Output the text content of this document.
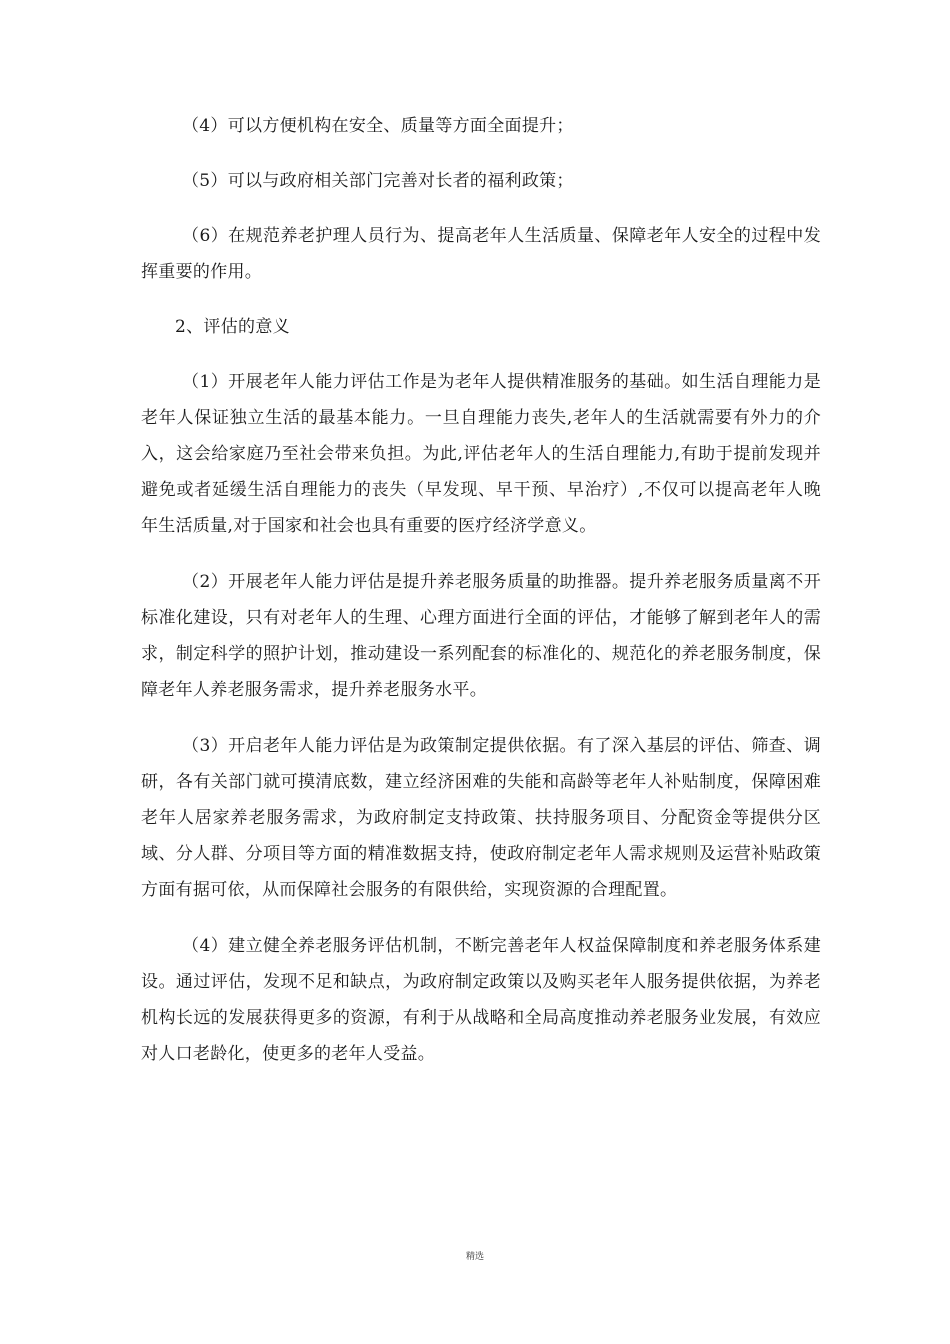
（4）可以方便机构在安全、质量等方面全面提升；

（5）可以与政府相关部门完善对长者的福利政策；

（6）在规范养老护理人员行为、提高老年人生活质量、保障老年人安全的过程中发挥重要的作用。

2、评估的意义

（1）开展老年人能力评估工作是为老年人提供精准服务的基础。如生活自理能力是老年人保证独立生活的最基本能力。一旦自理能力丧失,老年人的生活就需要有外力的介入，这会给家庭乃至社会带来负担。为此,评估老年人的生活自理能力,有助于提前发现并避免或者延缓生活自理能力的丧失（早发现、早干预、早治疗）,不仅可以提高老年人晚年生活质量,对于国家和社会也具有重要的医疗经济学意义。

（2）开展老年人能力评估是提升养老服务质量的助推器。提升养老服务质量离不开标准化建设，只有对老年人的生理、心理方面进行全面的评估，才能够了解到老年人的需求，制定科学的照护计划，推动建设一系列配套的标准化的、规范化的养老服务制度，保障老年人养老服务需求，提升养老服务水平。

（3）开启老年人能力评估是为政策制定提供依据。有了深入基层的评估、筛查、调研，各有关部门就可摸清底数，建立经济困难的失能和高龄等老年人补贴制度，保障困难老年人居家养老服务需求，为政府制定支持政策、扶持服务项目、分配资金等提供分区域、分人群、分项目等方面的精准数据支持，使政府制定老年人需求规则及运营补贴政策方面有据可依，从而保障社会服务的有限供给，实现资源的合理配置。

（4）建立健全养老服务评估机制，不断完善老年人权益保障制度和养老服务体系建设。通过评估，发现不足和缺点，为政府制定政策以及购买老年人服务提供依据，为养老机构长远的发展获得更多的资源，有利于从战略和全局高度推动养老服务业发展，有效应对人口老龄化，使更多的老年人受益。

精选
